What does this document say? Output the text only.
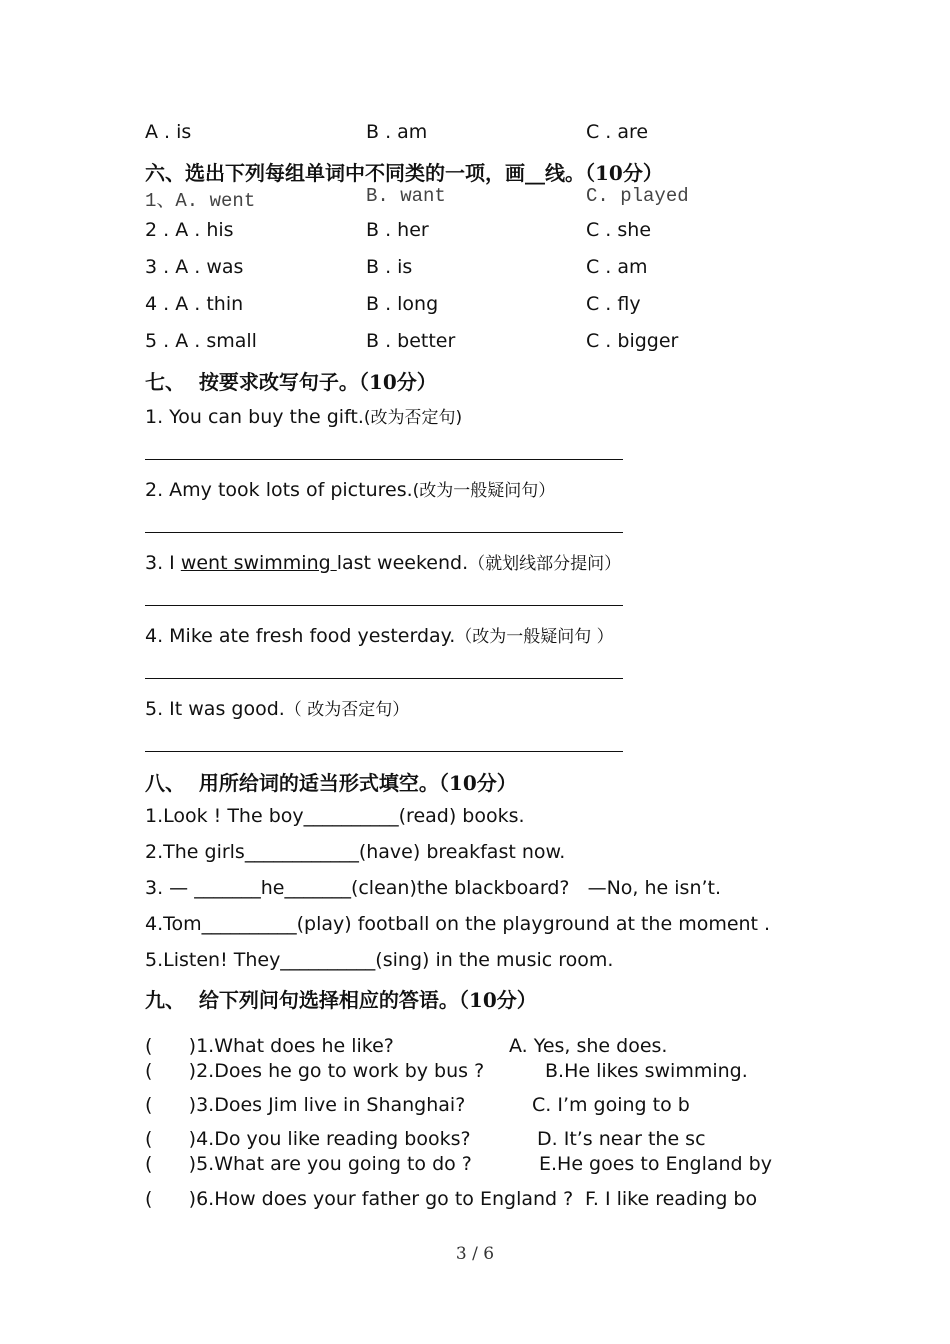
A . is	B . am	C . are
六、选出下列每组单词中不同类的一项，画__线。（10分）
1、A. went	B. want	C. played
2 . A . his	B . her	C . she
3 . A . was	B . is	C . am
4 . A . thin	B . long	C . fly
5 . A . small	B . better	C . bigger
七、  按要求改写句子。（10分）
1. You can buy the gift.(改为否定句)
2. Amy took lots of pictures.(改为一般疑问句）
3. I went swimming last weekend.（就划线部分提问）
4. Mike ate fresh food yesterday.（改为一般疑问句 ）
5. It was good.（ 改为否定句）
八、  用所给词的适当形式填空。（10分）
1.Look ! The boy__________(read) books.
2.The girls____________(have) breakfast now.
3. — _______he_______(clean)the blackboard?   —No, he isn’t.
4.Tom__________(play) football on the playground at the moment .
5.Listen! They__________(sing) in the music room.
九、  给下列问句选择相应的答语。（10分）
(      )1.What does he like?	A. Yes, she does.
(      )2.Does he go to work by bus ?	B.He likes swimming.
(      )3.Does Jim live in Shanghai?	C. I’m going to b
(      )4.Do you like reading books?	D. It’s near the sc
(      )5.What are you going to do ?	E.He goes to England by
(      )6.How does your father go to England ? F. I like reading bo
3 / 6
